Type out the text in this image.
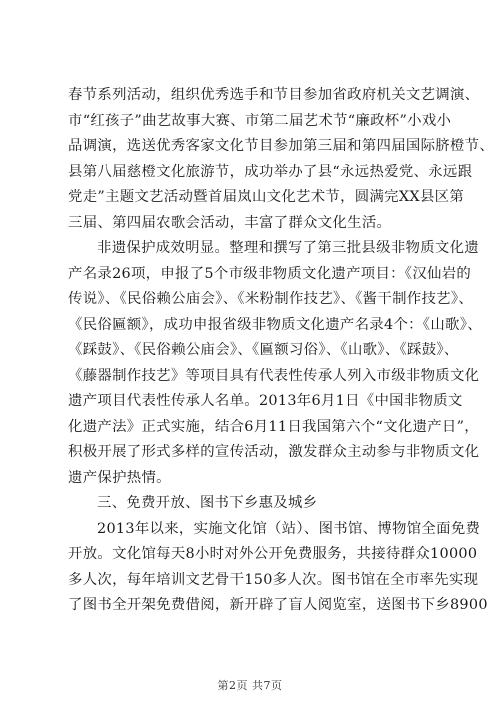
春节系列活动，组织优秀选手和节目参加省政府机关文艺调演、
市“红孩子”曲艺故事大赛、市第二届艺术节“廉政杯”小戏小
品调演，选送优秀客家文化节目参加第三届和第四届国际脐橙节、
县第八届慈橙文化旅游节，成功举办了县“永远热爱党、永远跟
党走”主题文艺活动暨首届岚山文化艺术节，圆满完XX县区第
三届、第四届农歌会活动，丰富了群众文化生活。
非遗保护成效明显。整理和撰写了第三批县级非物质文化遗
产名录26项，申报了5个市级非物质文化遗产项目：《汉仙岩的
传说》、《民俗赖公庙会》、《米粉制作技艺》、《酱干制作技艺》、
《民俗匾额》，成功申报省级非物质文化遗产名录4个：《山歌》、
《踩鼓》、《民俗赖公庙会》、《匾额习俗》、《山歌》、《踩鼓》、
《藤器制作技艺》等项目具有代表性传承人列入市级非物质文化
遗产项目代表性传承人名单。2013年6月1日《中国非物质文
化遗产法》正式实施，结合6月11日我国第六个“文化遗产日”，
积极开展了形式多样的宣传活动，激发群众主动参与非物质文化
遗产保护热情。
三、免费开放、图书下乡惠及城乡
2013年以来，实施文化馆（站）、图书馆、博物馆全面免费
开放。文化馆每天8小时对外公开免费服务，共接待群众10000
多人次，每年培训文艺骨干150多人次。图书馆在全市率先实现
了图书全开架免费借阅，新开辟了盲人阅览室，送图书下乡8900
第2页 共7页
